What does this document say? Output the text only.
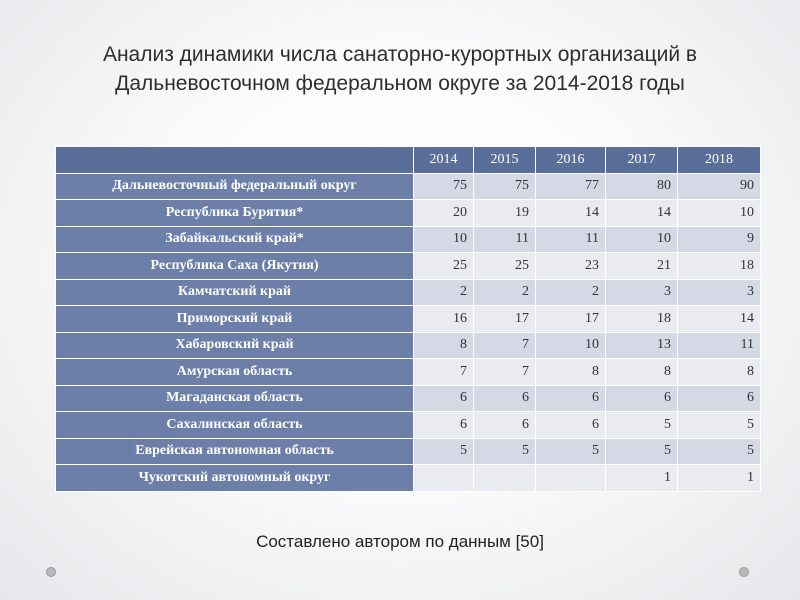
Анализ динамики числа санаторно-курортных организаций в
Дальневосточном федеральном округе за 2014-2018 годы
	2014	2015	2016	2017	2018
Дальневосточный федеральный округ	75	75	77	80	90
Республика Бурятия*	20	19	14	14	10
Забайкальский край*	10	11	11	10	9
Республика Саха (Якутия)	25	25	23	21	18
Камчатский край	2	2	2	3	3
Приморский край	16	17	17	18	14
Хабаровский край	8	7	10	13	11
Амурская область	7	7	8	8	8
Магаданская область	6	6	6	6	6
Сахалинская область	6	6	6	5	5
Еврейская автономная область	5	5	5	5	5
Чукотский автономный округ				1	1
Составлено автором по данным [50]
